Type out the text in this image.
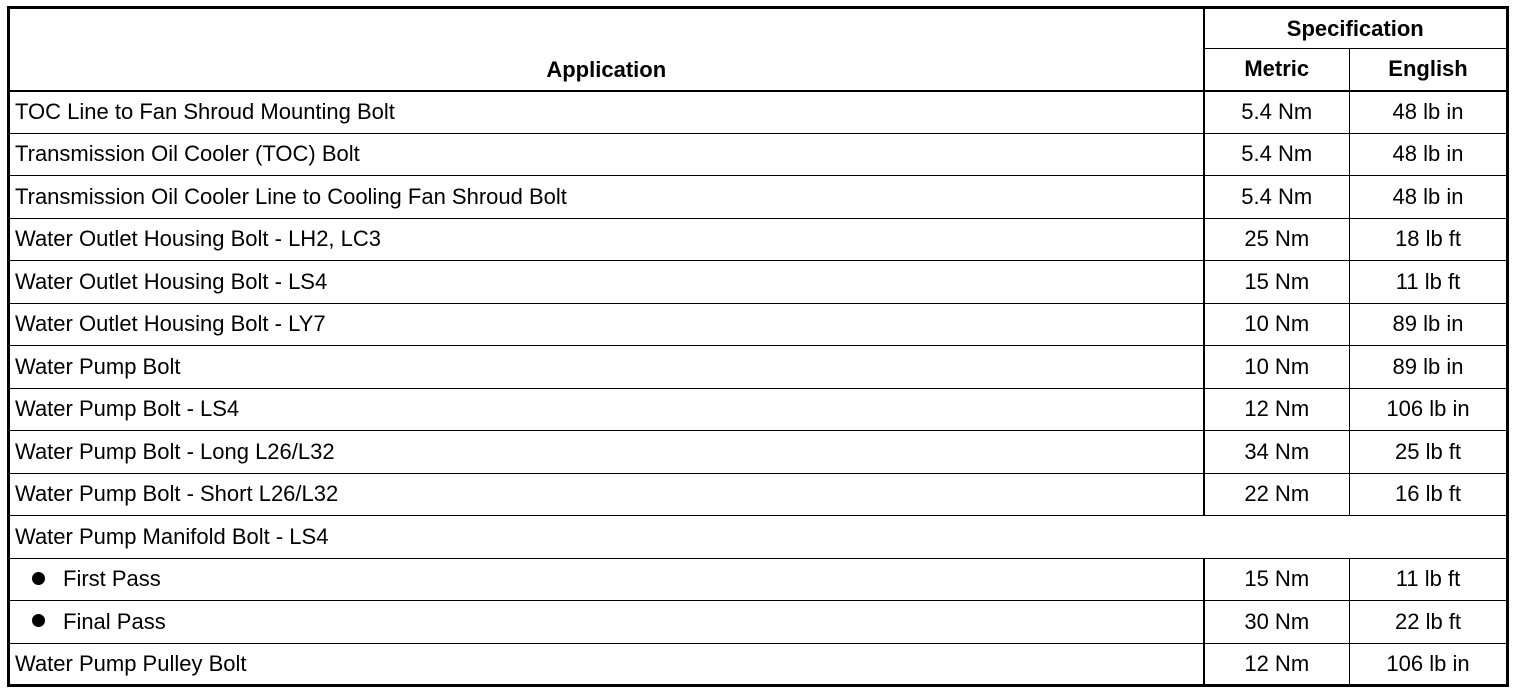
Application	Specification	
	Metric	English
TOC Line to Fan Shroud Mounting Bolt	5.4 Nm	48 lb in
Transmission Oil Cooler (TOC) Bolt	5.4 Nm	48 lb in
Transmission Oil Cooler Line to Cooling Fan Shroud Bolt	5.4 Nm	48 lb in
Water Outlet Housing Bolt - LH2, LC3	25 Nm	18 lb ft
Water Outlet Housing Bolt - LS4	15 Nm	11 lb ft
Water Outlet Housing Bolt - LY7	10 Nm	89 lb in
Water Pump Bolt	10 Nm	89 lb in
Water Pump Bolt - LS4	12 Nm	106 lb in
Water Pump Bolt - Long L26/L32	34 Nm	25 lb ft
Water Pump Bolt - Short L26/L32	22 Nm	16 lb ft
Water Pump Manifold Bolt - LS4		
First Pass	15 Nm	11 lb ft
Final Pass	30 Nm	22 lb ft
Water Pump Pulley Bolt	12 Nm	106 lb in
